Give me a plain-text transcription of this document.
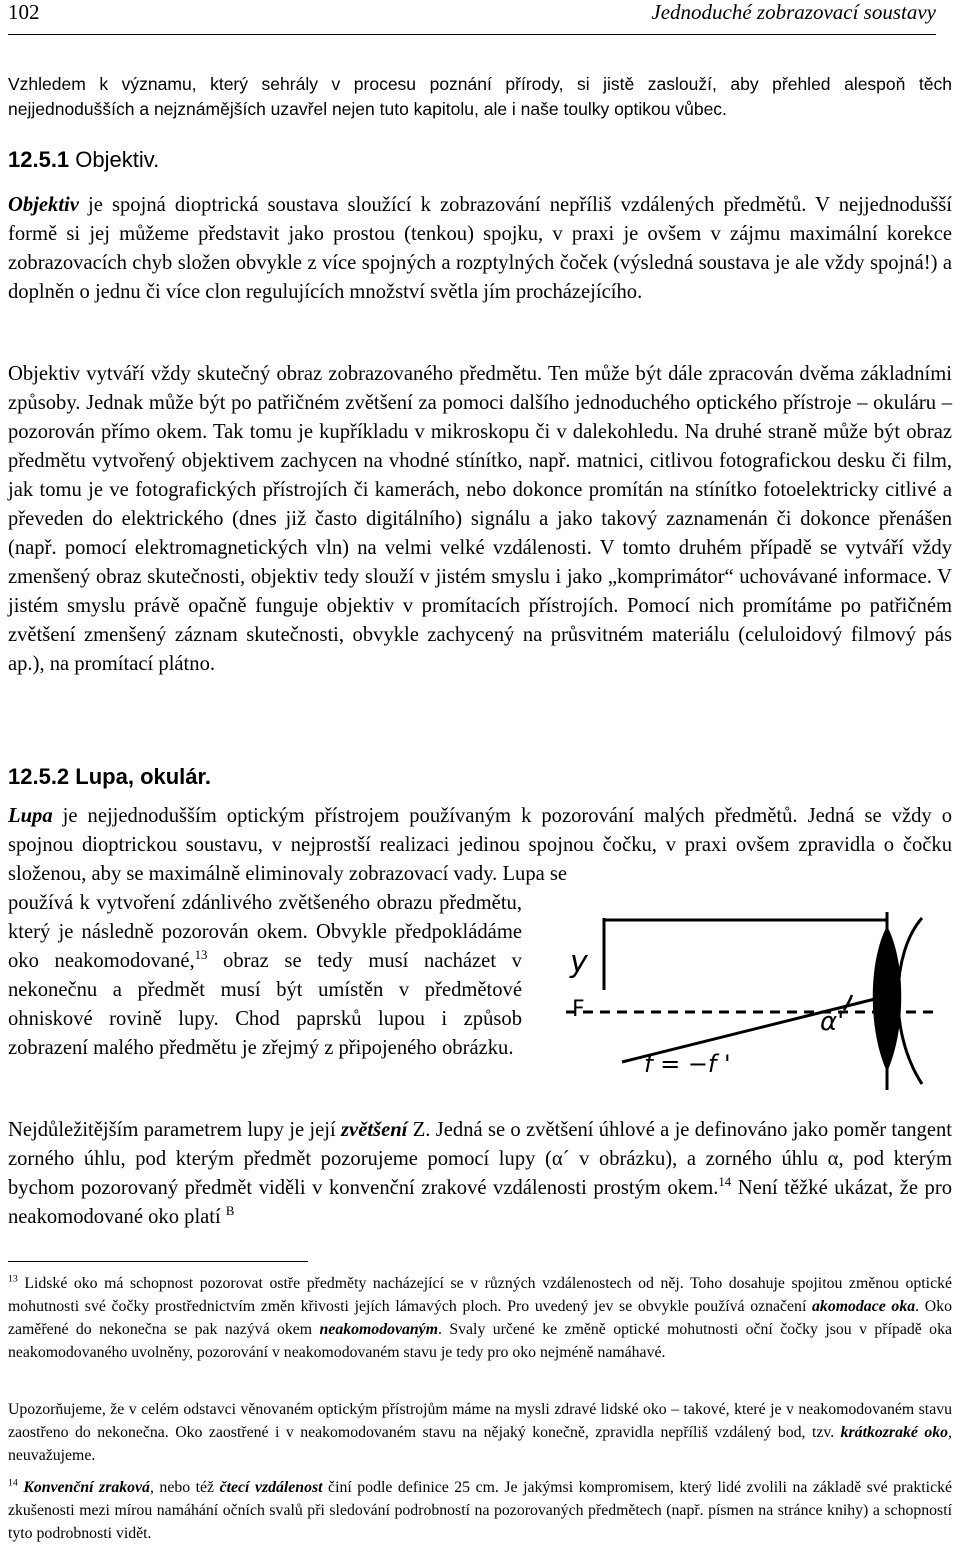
102	Jednoduché zobrazovací soustavy
Vzhledem k významu, který sehrály v procesu poznání přírody, si jistě zaslouží, aby přehled alespoň těch nejjednodušších a nejznámějších uzavřel nejen tuto kapitolu, ale i naše toulky optikou vůbec.
12.5.1 Objektiv.
Objektiv je spojná dioptrická soustava sloužící k zobrazování nepříliš vzdálených předmětů. V nejjednodušší formě si jej můžeme představit jako prostou (tenkou) spojku, v praxi je ovšem v zájmu maximální korekce zobrazovacích chyb složen obvykle z více spojných a rozptylných čoček (výsledná soustava je ale vždy spojná!) a doplněn o jednu či více clon regulujících množství světla jím procházejícího.
Objektiv vytváří vždy skutečný obraz zobrazovaného předmětu. Ten může být dále zpracován dvěma základními způsoby. Jednak může být po patřičném zvětšení za pomoci dalšího jednoduchého optického přístroje – okuláru – pozorován přímo okem. Tak tomu je kupříkladu v mikroskopu či v dalekohledu. Na druhé straně může být obraz předmětu vytvořený objektivem zachycen na vhodné stínítko, např. matnici, citlivou fotografickou desku či film, jak tomu je ve fotografických přístrojích či kamerách, nebo dokonce promítán na stínítko fotoelektricky citlivé a převeden do elektrického (dnes již často digitálního) signálu a jako takový zaznamenán či dokonce přenášen (např. pomocí elektromagnetických vln) na velmi velké vzdálenosti. V tomto druhém případě se vytváří vždy zmenšený obraz skutečnosti, objektiv tedy slouží v jistém smyslu i jako „komprimátor“ uchovávané informace. V jistém smyslu právě opačně funguje objektiv v promítacích přístrojích. Pomocí nich promítáme po patřičném zvětšení zmenšený záznam skutečnosti, obvykle zachycený na průsvitném materiálu (celuloidový filmový pás ap.), na promítací plátno.
12.5.2 Lupa, okulár.
Lupa je nejjednodušším optickým přístrojem používaným k pozorování malých předmětů. Jedná se vždy o spojnou dioptrickou soustavu, v nejprostší realizaci jedinou spojnou čočku, v praxi ovšem zpravidla o čočku složenou, aby se maximálně eliminovaly zobrazovací vady. Lupa se
používá k vytvoření zdánlivého zvětšeného obrazu předmětu, který je následně pozorován okem. Obvykle předpokládáme oko neakomodované,$^{13}$ obraz se tedy musí nacházet v nekonečnu a předmět musí být umístěn v předmětové ohniskové rovině lupy. Chod paprsků lupou i způsob zobrazení malého předmětu je zřejmý z připojeného obrázku.
y
F	α'
f = −f '
Nejdůležitějším parametrem lupy je její zvětšení Z. Jedná se o zvětšení úhlové a je definováno jako poměr tangent zorného úhlu, pod kterým předmět pozorujeme pomocí lupy (α´ v obrázku), a zorného úhlu α, pod kterým bychom pozorovaný předmět viděli v konvenční zrakové vzdálenosti prostým okem.$^{14}$ Není těžké ukázat, že pro neakomodované oko platí $^B$
$^{13}$ Lidské oko má schopnost pozorovat ostře předměty nacházející se v různých vzdálenostech od něj. Toho dosahuje spojitou změnou optické mohutnosti své čočky prostřednictvím změn křivosti jejích lámavých ploch. Pro uvedený jev se obvykle používá označení akomodace oka. Oko zaměřené do nekonečna se pak nazývá okem neakomodovaným. Svaly určené ke změně optické mohutnosti oční čočky jsou v případě oka neakomodovaného uvolněny, pozorování v neakomodovaném stavu je tedy pro oko nejméně namáhavé.
Upozorňujeme, že v celém odstavci věnovaném optickým přístrojům máme na mysli zdravé lidské oko – takové, které je v neakomodovaném stavu zaostřeno do nekonečna. Oko zaostřené i v neakomodovaném stavu na nějaký konečně, zpravidla nepříliš vzdálený bod, tzv. krátkozraké oko, neuvažujeme.
$^{14}$ Konvenční zraková, nebo též čtecí vzdálenost činí podle definice 25 cm. Je jakýmsi kompromisem, který lidé zvolili na základě své praktické zkušenosti mezi mírou namáhání očních svalů při sledování podrobností na pozorovaných předmětech (např. písmen na stránce knihy) a schopností tyto podrobnosti vidět.
